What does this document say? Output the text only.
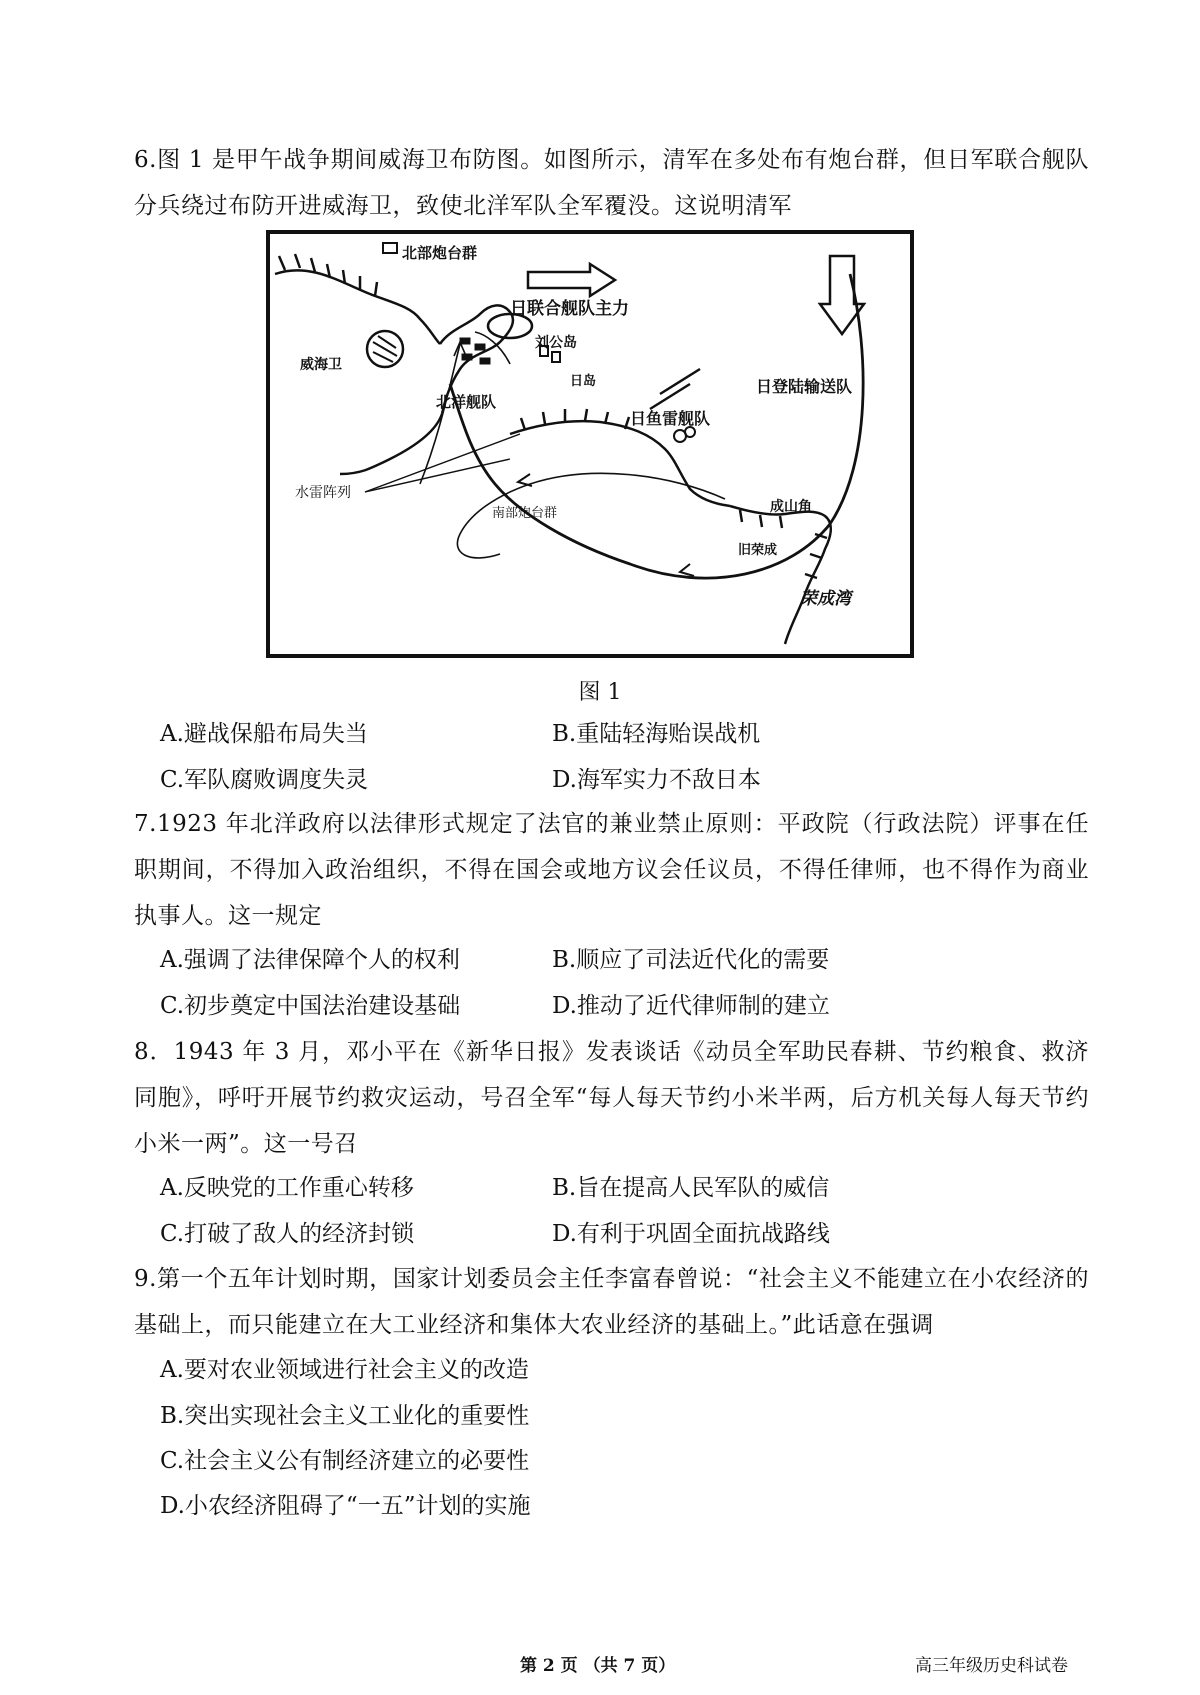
6.图 1 是甲午战争期间威海卫布防图。如图所示，清军在多处布有炮台群，但日军联合舰队分兵绕过布防开进威海卫，致使北洋军队全军覆没。这说明清军
北部炮台群
日联合舰队主力
刘公岛
威海卫
日岛	日登陆输送队
北洋舰队
日鱼雷舰队
水雷阵列
南部炮台群	成山角
旧荣成
荣成湾
图 1
A.避战保船布局失当	B.重陆轻海贻误战机
C.军队腐败调度失灵	D.海军实力不敌日本
7.1923 年北洋政府以法律形式规定了法官的兼业禁止原则：平政院（行政法院）评事在任职期间，不得加入政治组织，不得在国会或地方议会任议员，不得任律师，也不得作为商业执事人。这一规定
A.强调了法律保障个人的权利	B.顺应了司法近代化的需要
C.初步奠定中国法治建设基础	D.推动了近代律师制的建立
8．1943 年 3 月，邓小平在《新华日报》发表谈话《动员全军助民春耕、节约粮食、救济同胞》，呼吁开展节约救灾运动，号召全军“每人每天节约小米半两，后方机关每人每天节约小米一两”。这一号召
A.反映党的工作重心转移	B.旨在提高人民军队的威信
C.打破了敌人的经济封锁	D.有利于巩固全面抗战路线
9.第一个五年计划时期，国家计划委员会主任李富春曾说：“社会主义不能建立在小农经济的基础上，而只能建立在大工业经济和集体大农业经济的基础上。”此话意在强调
A.要对农业领域进行社会主义的改造
B.突出实现社会主义工业化的重要性
C.社会主义公有制经济建立的必要性
D.小农经济阻碍了“一五”计划的实施
第 2 页 （共 7 页）	高三年级历史科试卷
